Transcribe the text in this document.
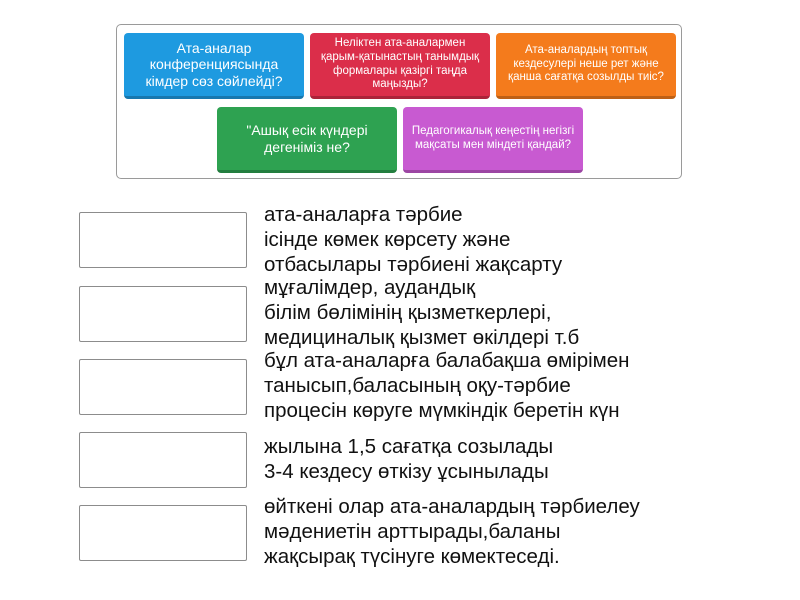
Ата-аналар конференциясында кімдер сөз сөйлейді?
Неліктен ата-аналармен қарым-қатынастың танымдық формалары қазіргі таңда маңызды?
Ата-аналардың топтық кездесулері неше рет және қанша сағатқа созылды тиіс?
"Ашық есік күндері дегеніміз не?
Педагогикалық кеңестің негізгі мақсаты мен міндеті қандай?
ата-аналарға тәрбие
ісінде көмек көрсету және
отбасылары тәрбиені жақсарту
мұғалімдер, аудандық
білім бөлімінің қызметкерлері,
медициналық қызмет өкілдері т.б
бұл ата-аналарға балабақша өмірімен
танысып,баласының оқу-тәрбие
процесін көруге мүмкіндік беретін күн
жылына 1,5 сағатқа созылады
3-4 кездесу өткізу ұсынылады
өйткені олар ата-аналардың тәрбиелеу
мәдениетін арттырады,баланы
жақсырақ түсінуге көмектеседі.
